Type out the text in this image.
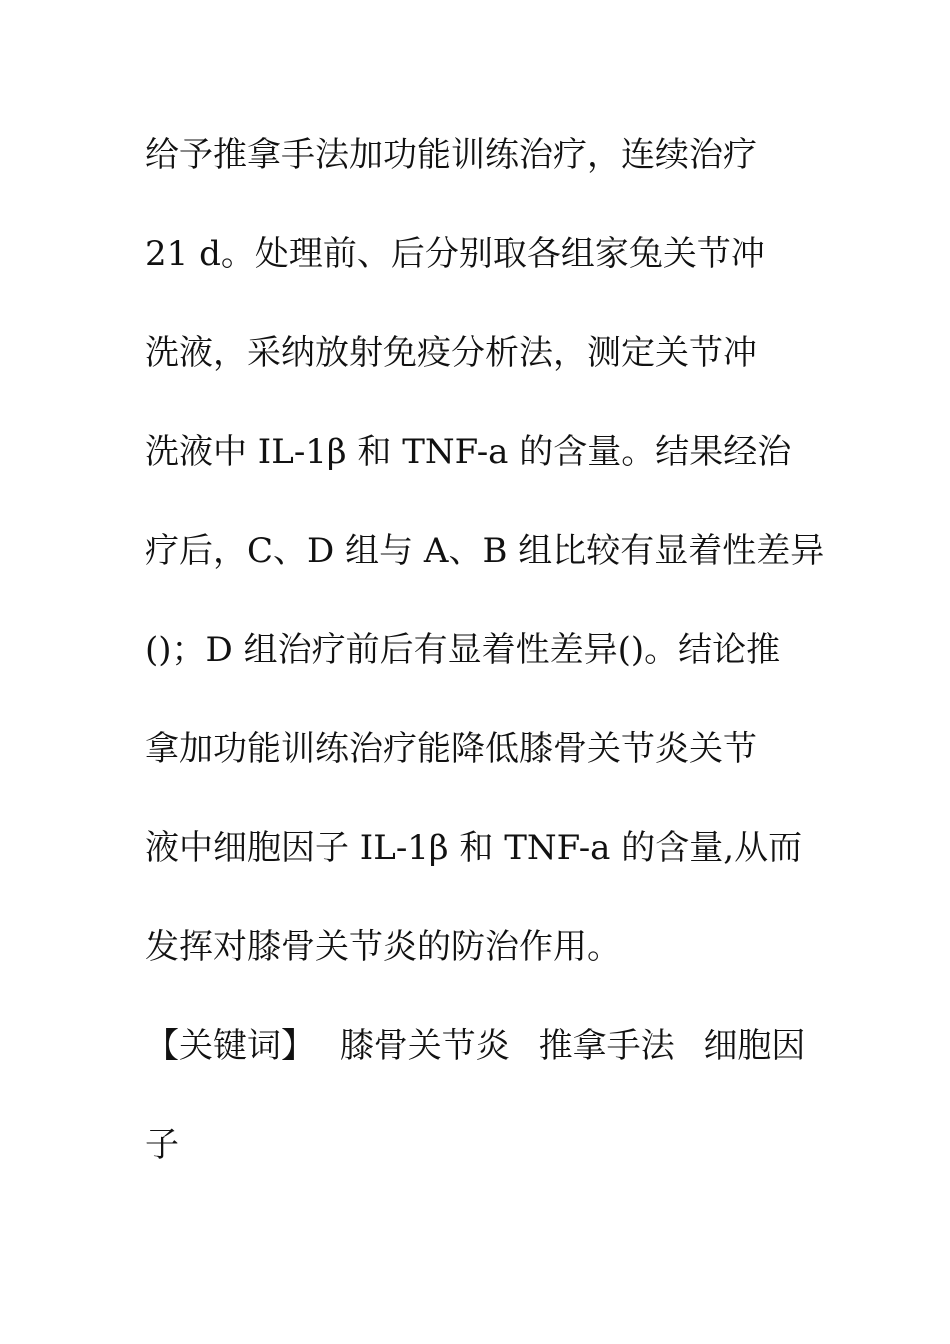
给予推拿手法加功能训练治疗，连续治疗
21 d。处理前、后分别取各组家兔关节冲
洗液，采纳放射免疫分析法，测定关节冲
洗液中 IL-1β 和 TNF-a 的含量。结果经治
疗后，C、D 组与 A、B 组比较有显着性差异
()；D 组治疗前后有显着性差异()。结论推
拿加功能训练治疗能降低膝骨关节炎关节
液中细胞因子 IL-1β 和 TNF-a 的含量,从而
发挥对膝骨关节炎的防治作用。
【关键词】 膝骨关节炎 推拿手法 细胞因
子
